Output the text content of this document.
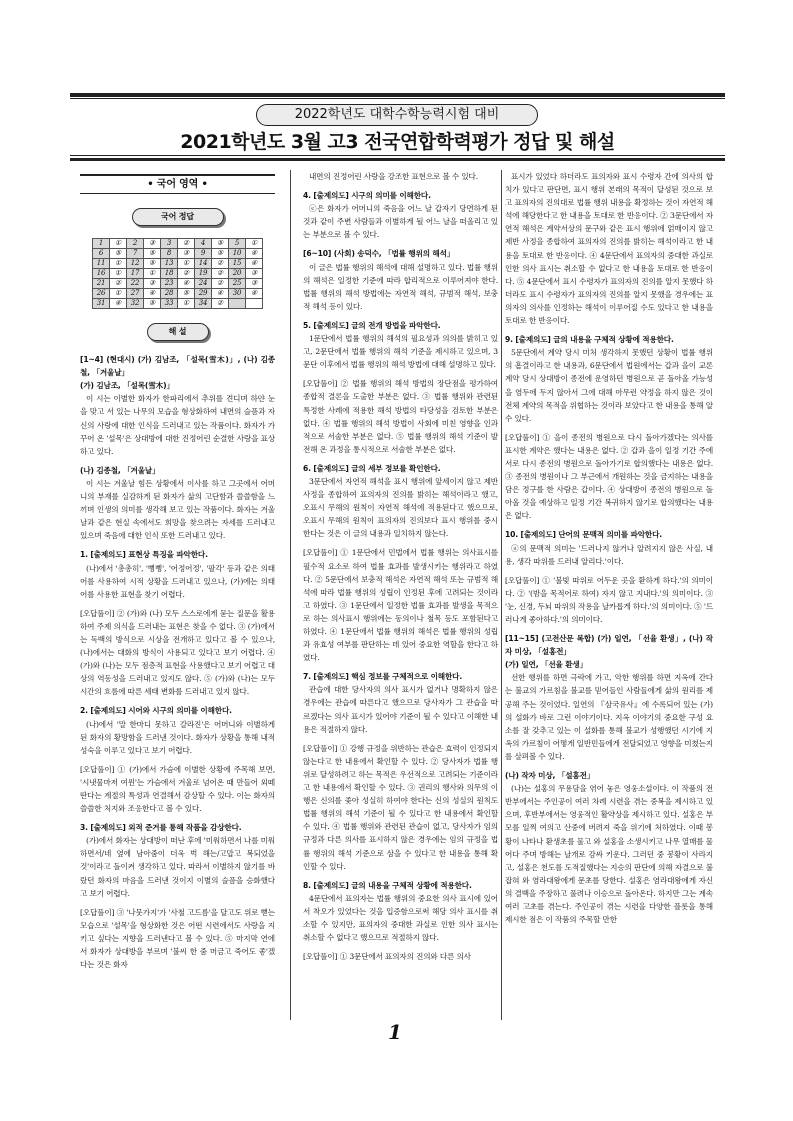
2022학년도 대학수학능력시험 대비
2021학년도 3월 고3 전국연합학력평가 정답 및 해설
• 국어 영역 •
국어 정답
1	①	2	③	3	②	4	⑤	5	①
6	⑤	7	⑤	8	③	9	⑤	10	④
11	①	12	⑤	13	①	14	②	15	④
16	①	17	①	18	②	19	②	20	③
21	②	22	③	23	④	24	②	25	③
26	①	27	④	28	⑤	29	④	30	④
31	④	32	⑤	33	①	34	②		
해 설
[1~4] (현대시) (가) 김남조, 「설목(雪木)」, (나) 김종철, 「겨울날」
(가) 김남조, 「설목(雪木)」

이 시는 이별한 화자가 한파리에서 추위를 견디며 하얀 눈을 맞고 서 있는 나무의 모습을 형상화하여 내면의 슬픔과 자신의 사랑에 대한 인식을 드러내고 있는 작품이다. 화자가 가꾸어 온 '설목'은 상대방에 대한 진정어린 순결한 사랑을 표상하고 있다.

(나) 김종철, 「겨울날」

이 시는 겨울날 힘든 상황에서 이사를 하고 그곳에서 어머니의 부재를 실감하게 된 화자가 삶의 고단함과 쓸쓸함을 느끼며 인생의 의미를 생각해 보고 있는 작품이다. 화자는 겨울날과 같은 현실 속에서도 희망을 찾으려는 자세를 드러내고 있으며 죽음에 대한 인식 또한 드러내고 있다.

1. [출제의도] 표현상 특징을 파악한다.

(나)에서 '총총히', '뻥뻥', '어정어정', '팔각' 등과 같은 의태어를 사용하여 시적 상황을 드러내고 있으나, (가)에는 의태어를 사용한 표현을 찾기 어렵다.

[오답풀이] ② (가)와 (나) 모두 스스로에게 묻는 질문을 활용하여 주제 의식을 드러내는 표현은 찾을 수 없다. ③ (가)에서는 독백의 방식으로 시상을 전개하고 있다고 볼 수 있으나, (나)에서는 대화의 방식이 사용되고 있다고 보기 어렵다. ④ (가)와 (나)는 모두 점층적 표현을 사용했다고 보기 어렵고 대상의 역동성을 드러내고 있지도 않다. ⑤ (가)와 (나)는 모두 시간의 흐름에 따른 세태 변화를 드러내고 있지 않다.
2. [출제의도] 시어와 시구의 의미를 이해한다.

(나)에서 '말 한마디 못하고 갈라진'은 어머니와 이별하게 된 화자의 황망함을 드러낸 것이다. 화자가 상황을 통해 내적 성숙을 이루고 있다고 보기 어렵다.

[오답풀이] ① (가)에서 가슴에 이별한 상황에 주목해 보면, '시냇물마저 여윈'는 가슴에서 겨울로 넘어온 때 만들어 외떼딴다는 계절의 특성과 연결해서 감상할 수 있다. 이는 화자의 쓸쓸한 처지와 조응한다고 볼 수 있다.
3. [출제의도] 외적 준거를 통해 작품을 감상한다.

(가)에서 화자는 상대방이 떠난 후에 '미워하면서 나를 미워하면서/네 옆에 남아줌이 더욱 벅 해는/고맙고 복되었을 것'이라고 돌이켜 생각하고 있다. 따라서 이별하지 않기를 바랐던 화자의 마음을 드러낸 것이지 이별의 슬픔을 승화했다고 보기 어렵다.

[오답풀이] ③ '나뭇가지'가 '사철 고드름'을 달고도 위로 뻗는 모습으로 '설목'을 형상화한 것은 어떤 시련에서도 사랑을 지키고 싶다는 지향을 드러낸다고 볼 수 있다. ⑤ 마지막 연에서 화자가 상대방을 부르며 '불씨 한 줌 머금고 죽어도 좋'겠다는 것은 화자

내면의 진정어린 사랑을 강조한 표현으로 볼 수 있다.

4. [출제의도] 시구의 의미를 이해한다.

ⓔ은 화자가 어머니의 죽음을 어느 날 갑자기 당면하게 된 것과 같이 주변 사람들과 이별하게 될 어느 날을 떠올리고 있는 부분으로 볼 수 있다.

[6~10] (사회) 송덕수, 「법률 행위의 해석」

이 글은 법률 행위의 해석에 대해 설명하고 있다. 법률 행위의 해석은 일정한 기준에 따라 합리적으로 이루어져야 한다. 법률 행위의 해석 방법에는 자연적 해석, 규범적 해석, 보충적 해석 등이 있다.

5. [출제의도] 글의 전개 방법을 파악한다.

1문단에서 법률 행위의 해석의 필요성과 의의를 밝히고 있고, 2문단에서 법률 행위의 해석 기준을 제시하고 있으며, 3문단 이후에서 법률 행위의 해석 방법에 대해 설명하고 있다.

[오답풀이] ② 법률 행위의 해석 방법의 장단점을 평가하여 종합적 결론을 도출한 부분은 없다. ③ 법률 행위와 관련된 특정한 사례에 적용한 해석 방법의 타당성을 검토한 부분은 없다. ④ 법률 행위의 해석 방법이 사회에 미친 영향을 인과적으로 서술한 부분은 없다. ⑤ 법률 행위의 해석 기준이 발전해 온 과정을 통시적으로 서술한 부분은 없다.
6. [출제의도] 글의 세부 정보를 확인한다.

3문단에서 자연적 해석을 표시 행위에 앞세이지 않고 제반 사정을 종합하여 표의자의 진의를 밝히는 해석이라고 했고, 오표시 무해의 원칙이 자연적 해석에 적용된다고 했으므로, 오표시 무해의 원칙이 표의자의 진의보다 표시 행위를 중시한다는 것은 이 글의 내용과 일치하지 않는다.

[오답풀이] ① 1문단에서 민법에서 법률 행위는 의사표시를 필수적 요소로 하여 법률 효과를 발생시키는 행위라고 하였다. ② 5문단에서 보충적 해석은 자연적 해석 또는 규범적 해석에 따라 법률 행위의 성립이 인정된 후에 고려되는 것이라고 하였다. ③ 1문단에서 일정한 법률 효과를 발생을 목적으로 하는 의사표시 행위에는 동의이나 철목 등도 포함된다고 하였다. ④ 1문단에서 법률 행위의 해석은 법률 행위의 성립과 유효성 여부를 판단하는 데 있어 중요한 역할을 한다고 하였다.
7. [출제의도] 핵심 정보를 구체적으로 이해한다.

관습에 대한 당사자의 의사 표시가 없거나 명확하지 않은 경우에는 관습에 따른다고 했으므로 당사자가 그 관습을 따르겠다는 의사 표시가 있어야 기준이 될 수 있다고 이해한 내용은 적절하지 않다.

[오답풀이] ① 강행 규정을 위반하는 관습은 효력이 인정되지 않는다고 한 내용에서 확인할 수 있다. ② 당사자가 법률 행위로 달성하려고 하는 목적은 우선적으로 고려되는 기준이라고 한 내용에서 확인할 수 있다. ③ 권리의 행사와 의무의 이행은 신의를 좇아 성실히 하여야 한다는 신의 성실의 원칙도 법률 행위의 해석 기준이 될 수 있다고 한 내용에서 확인할 수 있다. ④ 법률 행위와 관련된 관습이 없고, 당사자가 임의 규정과 다른 의사를 표시하지 않은 경우에는 임의 규정을 법률 행위의 해석 기준으로 삼을 수 있다고 한 내용을 통해 확인할 수 있다.
8. [출제의도] 글의 내용을 구체적 상황에 적용한다.

4문단에서 표의자는 법률 행위의 중요한 의사 표시에 있어서 착오가 있었다는 것을 입증함으로써 해당 의사 표시를 취소할 수 있지만, 표의자의 중대한 과실로 인한 의사 표시는 취소할 수 없다고 했으므로 적절하지 않다.

[오답풀이] ① 3문단에서 표의자의 진의와 다른 의사

표시가 있었다 하더라도 표의자와 표시 수령자 간에 의사의 합치가 있다고 판단면, 표시 행위 본래의 목적이 달성된 것으로 보고 표의자의 진의대로 법률 행위 내용을 확정하는 것이 자연적 해석에 해당한다고 한 내용을 토대로 한 반응이다. ② 3문단에서 자연적 해석은 계약서상의 문구와 같은 표시 행위에 얽매이지 않고 제반 사정을 종합하여 표의자의 진의를 밝히는 해석이라고 한 내용을 토대로 한 반응이다. ④ 4문단에서 표의자의 중대한 과실로 인한 의사 표시는 취소할 수 없다고 한 내용을 토대로 한 반응이다. ⑤ 4문단에서 표시 수령자가 표의자의 진의를 알지 못했다 하더라도 표시 수령자가 표의자의 진의를 알지 못했을 경우에는 표의자의 의사를 인정하는 해석이 이루어질 수도 있다고 한 내용을 토대로 한 반응이다.

9. [출제의도] 글의 내용을 구체적 상황에 적용한다.

5문단에서 계약 당시 미처 생각하지 못했던 상황이 법률 행위의 흠결이라고 한 내용과, 6문단에서 법원에서는 갑과 을이 교론 계약 당시 상대방이 종전에 운영하던 병원으로 곧 돌아올 가능성을 염두에 두지 않아서 그에 대해 아무런 약정을 하지 않은 것이 전체 계약의 목적을 위협하는 것이라 보았다고 한 내용을 통해 알 수 있다.

[오답풀이] ① 을이 종전의 병원으로 다시 돌아가겠다는 의사를 표시한 계약은 했다는 내용은 없다. ② 갑과 을이 일정 기간 주에 서로 다시 종전의 병원으로 돌아가기로 합의했다는 내용은 없다. ③ 종전의 병원이나 그 부근에서 개원하는 것을 금지하는 내용을 담은 정구를 한 사람은 갑이다. ④ 상대방이 종전의 병원으로 돌아올 것을 예상하고 일정 기간 복귀하지 않기로 합의했다는 내용은 없다.
10. [출제의도] 단어의 문맥적 의미를 파악한다.

ⓐ의 문맥적 의미는 '드러나지 않거나 알려지지 않은 사실, 내용, 생각 따위를 드러내 알리다.'이다.

[오답풀이] ① '불빛 따위로 어두운 곳을 환하게 하다.'의 의미이다. ② '(밤을 목적어로 하여) 자지 않고 지내다.'의 의미이다. ③ '눈, 신경, 두뇌 따위의 작용을 날카롭게 하다.'의 의미이다. ⑤ '드러나게 좋아하다.'의 의미이다.
[11~15] (고전산문 복합) (가) 일연, 「선율 환생」, (나) 작자 미상, 「설홍전」
(가) 일연, 「선율 환생」

선한 행위를 하면 극락에 가고, 악한 행위를 하면 지옥에 간다는 불교의 가르침을 불교를 믿어들인 사람들에게 삶의 원리를 제공해 주는 것이었다. 일연의 『삼국유사』에 수록되어 있는 (가)의 설화가 바로 그런 이야기이다. 지옥 이야기의 중요한 구성 요소를 잘 갖추고 있는 이 설화를 통해 불교가 성행했던 시기에 지옥의 가르침이 어떻게 일반민들에게 전달되었고 영향을 미쳤는지를 살펴볼 수 있다.

(나) 작자 미상, 「설홍전」

(나)는 설홍의 무용담을 엮어 놓은 영웅소설이다. 이 작품의 전반부에서는 주인공이 여러 차례 시련을 겪는 중복을 제시하고 있으며, 후반부에서는 영웅적인 활약상을 제시하고 있다. 설홍은 부모를 일찍 여의고 산중에 버려져 죽을 위기에 처하였다. 이때 봉황이 나타나 환생초를 물고 와 설홍을 소생시키고 나무 열매를 물어다 주며 방해는 날개로 감싸 키운다. 그러던 중 봉황이 사라지고, 설홍은 천도를 도적질했다는 지승의 판단에 의해 자결으로 불잡혀 와 염라대왕에게 문초를 당한다. 설홍은 염라대왕에게 자신의 결백을 주장하고 풀려나 이승으로 돌아온다. 하지만 그는 계속 여러 고초를 겪는다. 주인공이 겪는 시련을 다양한 플롯을 통해 제시한 점은 이 작품의 주목할 만한

1
